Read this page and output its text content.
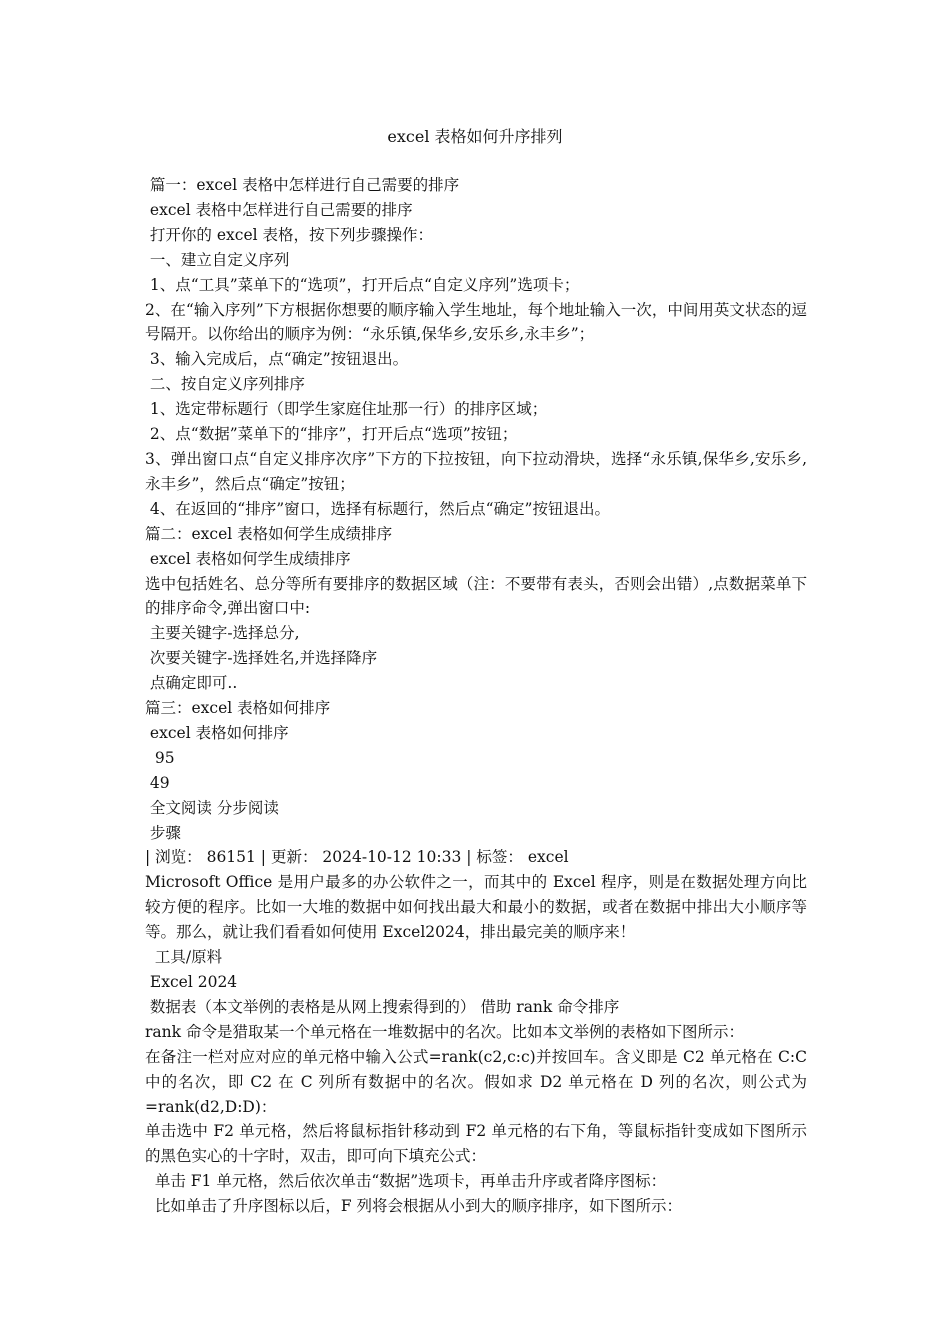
excel 表格如何升序排列
篇一：excel 表格中怎样进行自己需要的排序
excel 表格中怎样进行自己需要的排序
打开你的 excel 表格，按下列步骤操作：
一、建立自定义序列
1、点“工具”菜单下的“选项”，打开后点“自定义序列”选项卡；
2、在“输入序列”下方根据你想要的顺序输入学生地址，每个地址输入一次，中间用英文状态的逗号隔开。以你给出的顺序为例：“永乐镇,保华乡,安乐乡,永丰乡”；
3、输入完成后，点“确定”按钮退出。
二、按自定义序列排序
1、选定带标题行（即学生家庭住址那一行）的排序区域；
2、点“数据”菜单下的“排序”，打开后点“选项”按钮；
3、弹出窗口点“自定义排序次序”下方的下拉按钮，向下拉动滑块，选择“永乐镇,保华乡,安乐乡,永丰乡”，然后点“确定”按钮；
4、在返回的“排序”窗口，选择有标题行，然后点“确定”按钮退出。
篇二：excel 表格如何学生成绩排序
excel 表格如何学生成绩排序
选中包括姓名、总分等所有要排序的数据区域（注：不要带有表头，否则会出错）,点数据菜单下的排序命令,弹出窗口中:
主要关键字-选择总分,
次要关键字-选择姓名,并选择降序
点确定即可..
篇三：excel 表格如何排序
excel 表格如何排序
95
49
全文阅读 分步阅读
步骤
| 浏览： 86151 | 更新： 2024-10-12 10:33 | 标签： excel
Microsoft Office 是用户最多的办公软件之一，而其中的 Excel 程序，则是在数据处理方向比较方便的程序。比如一大堆的数据中如何找出最大和最小的数据，或者在数据中排出大小顺序等等。那么，就让我们看看如何使用 Excel2024，排出最完美的顺序来！
工具/原料
Excel 2024
数据表（本文举例的表格是从网上搜索得到的） 借助 rank 命令排序
rank 命令是猎取某一个单元格在一堆数据中的名次。比如本文举例的表格如下图所示：
在备注一栏对应对应的单元格中输入公式=rank(c2,c:c)并按回车。含义即是 C2 单元格在 C:C 中的名次，即 C2 在 C 列所有数据中的名次。假如求 D2 单元格在 D 列的名次，则公式为=rank(d2,D:D)：
单击选中 F2 单元格，然后将鼠标指针移动到 F2 单元格的右下角，等鼠标指针变成如下图所示的黑色实心的十字时，双击，即可向下填充公式：
单击 F1 单元格，然后依次单击“数据”选项卡，再单击升序或者降序图标：
比如单击了升序图标以后，F 列将会根据从小到大的顺序排序，如下图所示：
